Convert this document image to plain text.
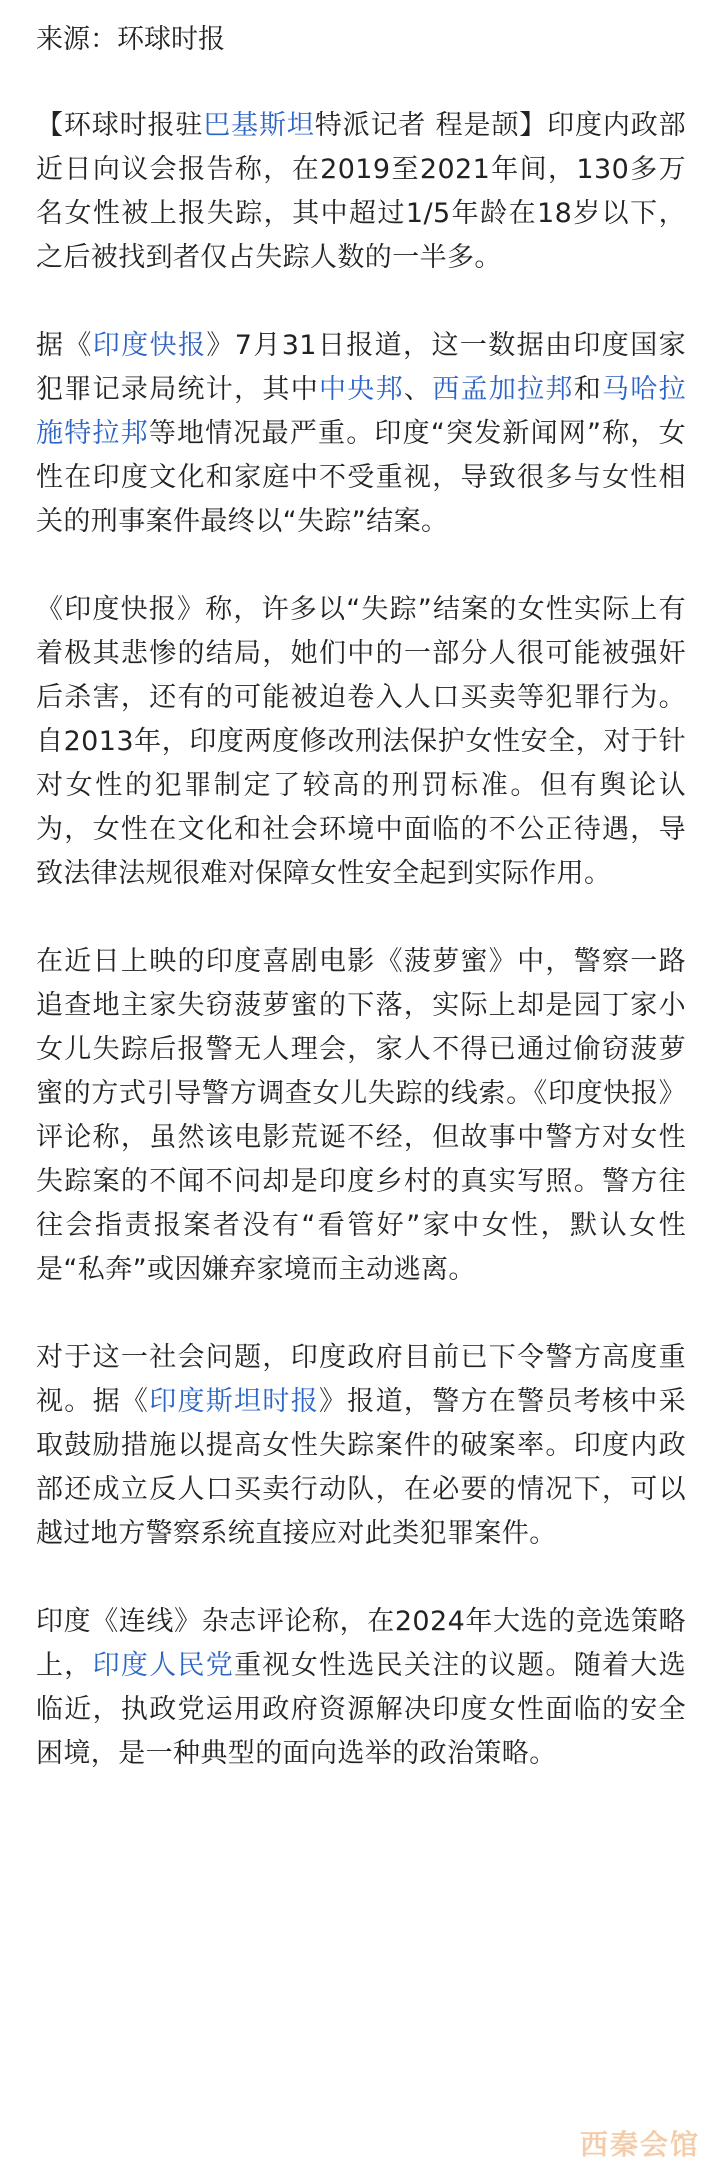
来源：环球时报

【环球时报驻巴基斯坦特派记者 程是颉】印度内政部近日向议会报告称，在2019至2021年间，130多万名女性被上报失踪，其中超过1/5年龄在18岁以下，之后被找到者仅占失踪人数的一半多。

据《印度快报》7月31日报道，这一数据由印度国家犯罪记录局统计，其中中央邦、西孟加拉邦和马哈拉施特拉邦等地情况最严重。印度“突发新闻网”称，女性在印度文化和家庭中不受重视，导致很多与女性相关的刑事案件最终以“失踪”结案。

《印度快报》称，许多以“失踪”结案的女性实际上有着极其悲惨的结局，她们中的一部分人很可能被强奸后杀害，还有的可能被迫卷入人口买卖等犯罪行为。自2013年，印度两度修改刑法保护女性安全，对于针对女性的犯罪制定了较高的刑罚标准。但有舆论认为，女性在文化和社会环境中面临的不公正待遇，导致法律法规很难对保障女性安全起到实际作用。

在近日上映的印度喜剧电影《菠萝蜜》中，警察一路追查地主家失窃菠萝蜜的下落，实际上却是园丁家小女儿失踪后报警无人理会，家人不得已通过偷窃菠萝蜜的方式引导警方调查女儿失踪的线索。《印度快报》评论称，虽然该电影荒诞不经，但故事中警方对女性失踪案的不闻不问却是印度乡村的真实写照。警方往往会指责报案者没有“看管好”家中女性，默认女性是“私奔”或因嫌弃家境而主动逃离。

对于这一社会问题，印度政府目前已下令警方高度重视。据《印度斯坦时报》报道，警方在警员考核中采取鼓励措施以提高女性失踪案件的破案率。印度内政部还成立反人口买卖行动队，在必要的情况下，可以越过地方警察系统直接应对此类犯罪案件。

印度《连线》杂志评论称，在2024年大选的竞选策略上，印度人民党重视女性选民关注的议题。随着大选临近，执政党运用政府资源解决印度女性面临的安全困境，是一种典型的面向选举的政治策略。

西秦会馆
